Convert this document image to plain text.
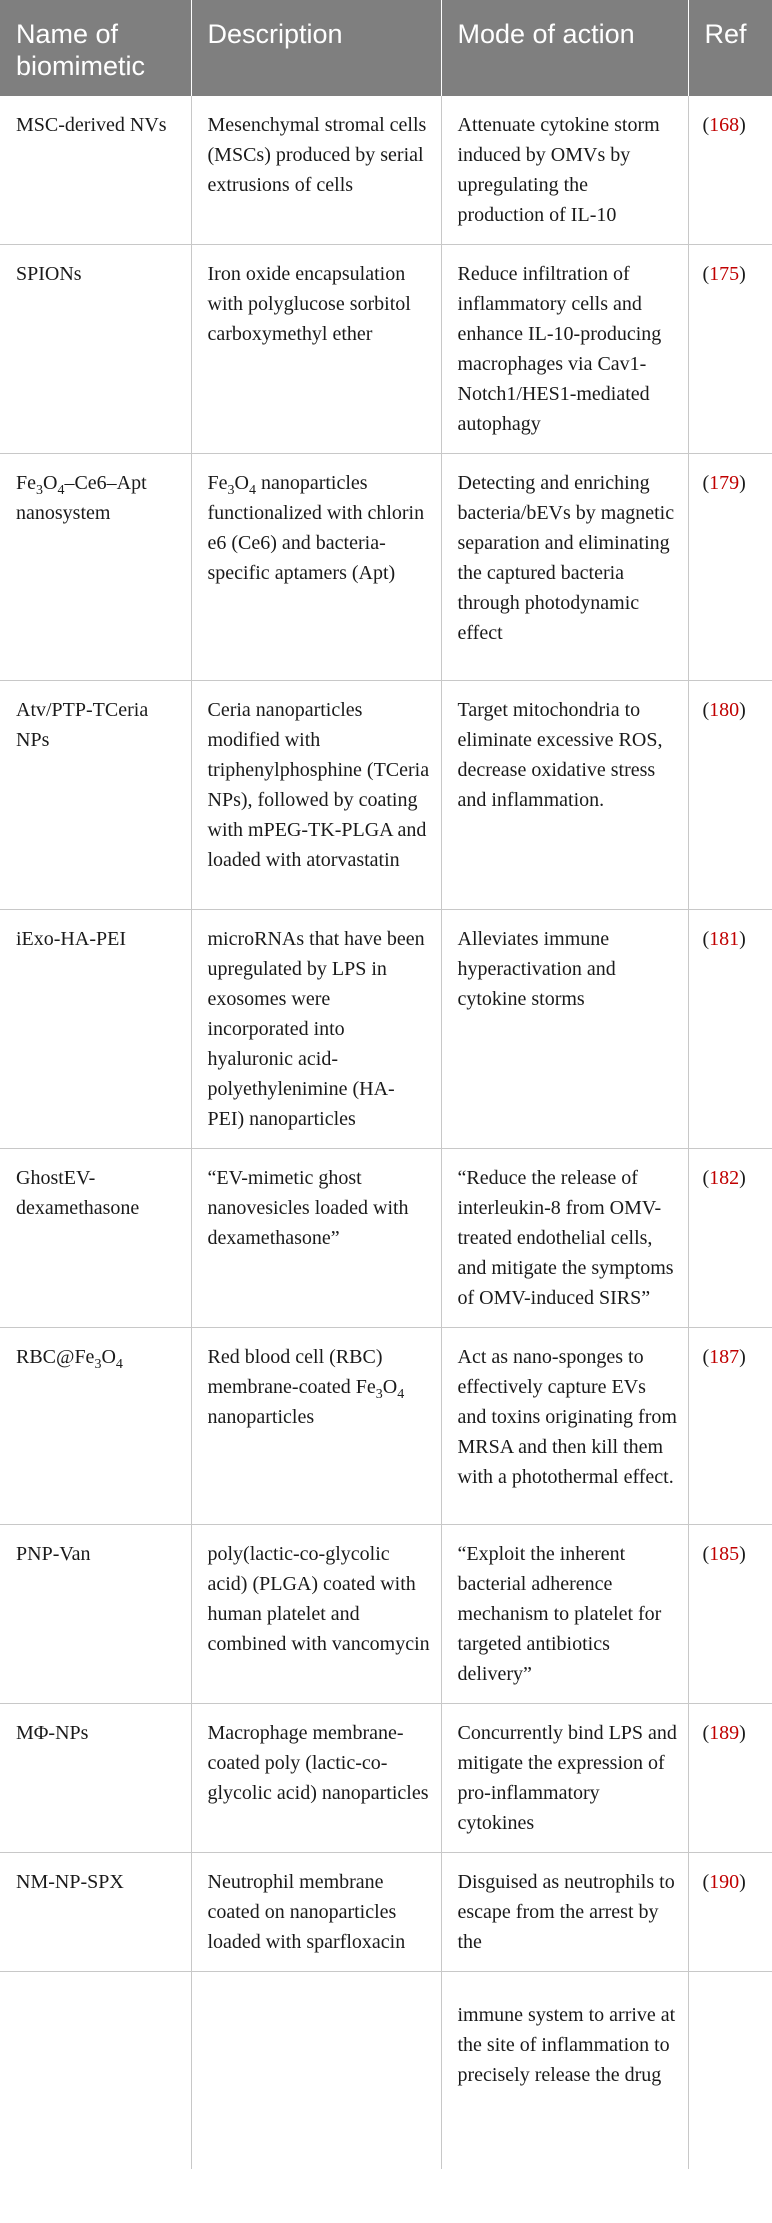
Name of biomimetic	Description	Mode of action	Ref
MSC-derived NVs	Mesenchymal stromal cells (MSCs) produced by serial extrusions of cells	Attenuate cytokine storm induced by OMVs by upregulating the production of IL-10	(168)
SPIONs	Iron oxide encapsulation with polyglucose sorbitol carboxymethyl ether	Reduce infiltration of inflammatory cells and enhance IL-10-producing macrophages via Cav1-Notch1/HES1-mediated autophagy	(175)
$Fe_3O_4-Ce6$–Apt nanosystem	$Fe_3O_4$ nanoparticles functionalized with chlorin e6 (Ce6) and bacteria-specific aptamers (Apt)	Detecting and enriching bacteria/bEVs by magnetic separation and eliminating the captured bacteria through photodynamic effect	(179)
Atv/PTP-TCeria NPs	Ceria nanoparticles modified with triphenylphosphine (TCeria NPs), followed by coating with mPEG-TK-PLGA and loaded with atorvastatin	Target mitochondria to eliminate excessive ROS, decrease oxidative stress and inflammation.	(180)
iExo-HA-PEI	microRNAs that have been upregulated by LPS in exosomes were incorporated into hyaluronic acid-polyethylenimine (HA-PEI) nanoparticles	Alleviates immune hyperactivation and cytokine storms	(181)
GhostEV-dexamethasone	“EV-mimetic ghost nanovesicles loaded with dexamethasone”	“Reduce the release of interleukin-8 from OMV-treated endothelial cells, and mitigate the symptoms of OMV-induced SIRS”	(182)
$RBC@Fe_3O_4$	Red blood cell (RBC) membrane-coated $Fe_3O_4$ nanoparticles	Act as nano-sponges to effectively capture EVs and toxins originating from MRSA and then kill them with a photothermal effect.	(187)
PNP-Van	poly(lactic-co-glycolic acid) (PLGA) coated with human platelet and combined with vancomycin	“Exploit the inherent bacterial adherence mechanism to platelet for targeted antibiotics delivery”	(185)
MΦ-NPs	Macrophage membrane-coated poly (lactic-co-glycolic acid) nanoparticles	Concurrently bind LPS and mitigate the expression of pro-inflammatory cytokines	(189)
NM-NP-SPX	Neutrophil membrane coated on nanoparticles loaded with sparfloxacin	Disguised as neutrophils to escape from the arrest by the	(190)
		immune system to arrive at the site of inflammation to precisely release the drug	
